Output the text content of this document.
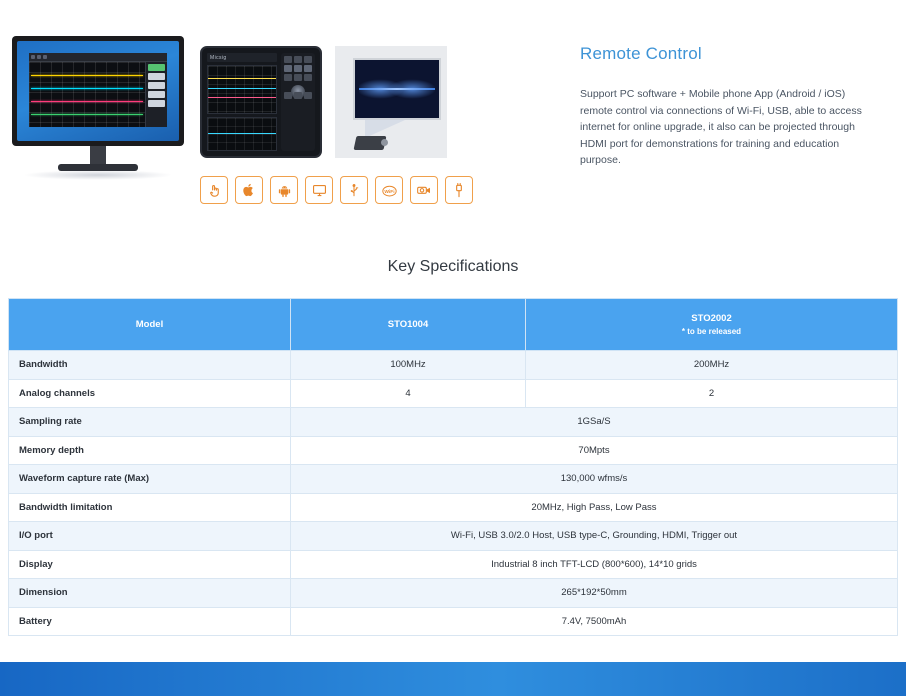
Micsig
WiFi
Remote Control

Support PC software + Mobile phone App (Android / iOS) remote control via connections of Wi-Fi, USB, able to access internet for online upgrade, it also can be projected through HDMI port for demonstrations for training and education purpose.

Key Specifications
Model	STO1004	STO2002
* to be released

Bandwidth	100MHz	200MHz
Analog channels	4	2
Sampling rate	1GSa/S	
Memory depth	70Mpts	
Waveform capture rate (Max)	130,000 wfms/s	
Bandwidth limitation	20MHz, High Pass, Low Pass	
I/O port	Wi-Fi, USB 3.0/2.0 Host, USB type-C, Grounding, HDMI, Trigger out	
Display	Industrial 8 inch TFT-LCD (800*600), 14*10 grids	
Dimension	265*192*50mm	
Battery	7.4V, 7500mAh	
